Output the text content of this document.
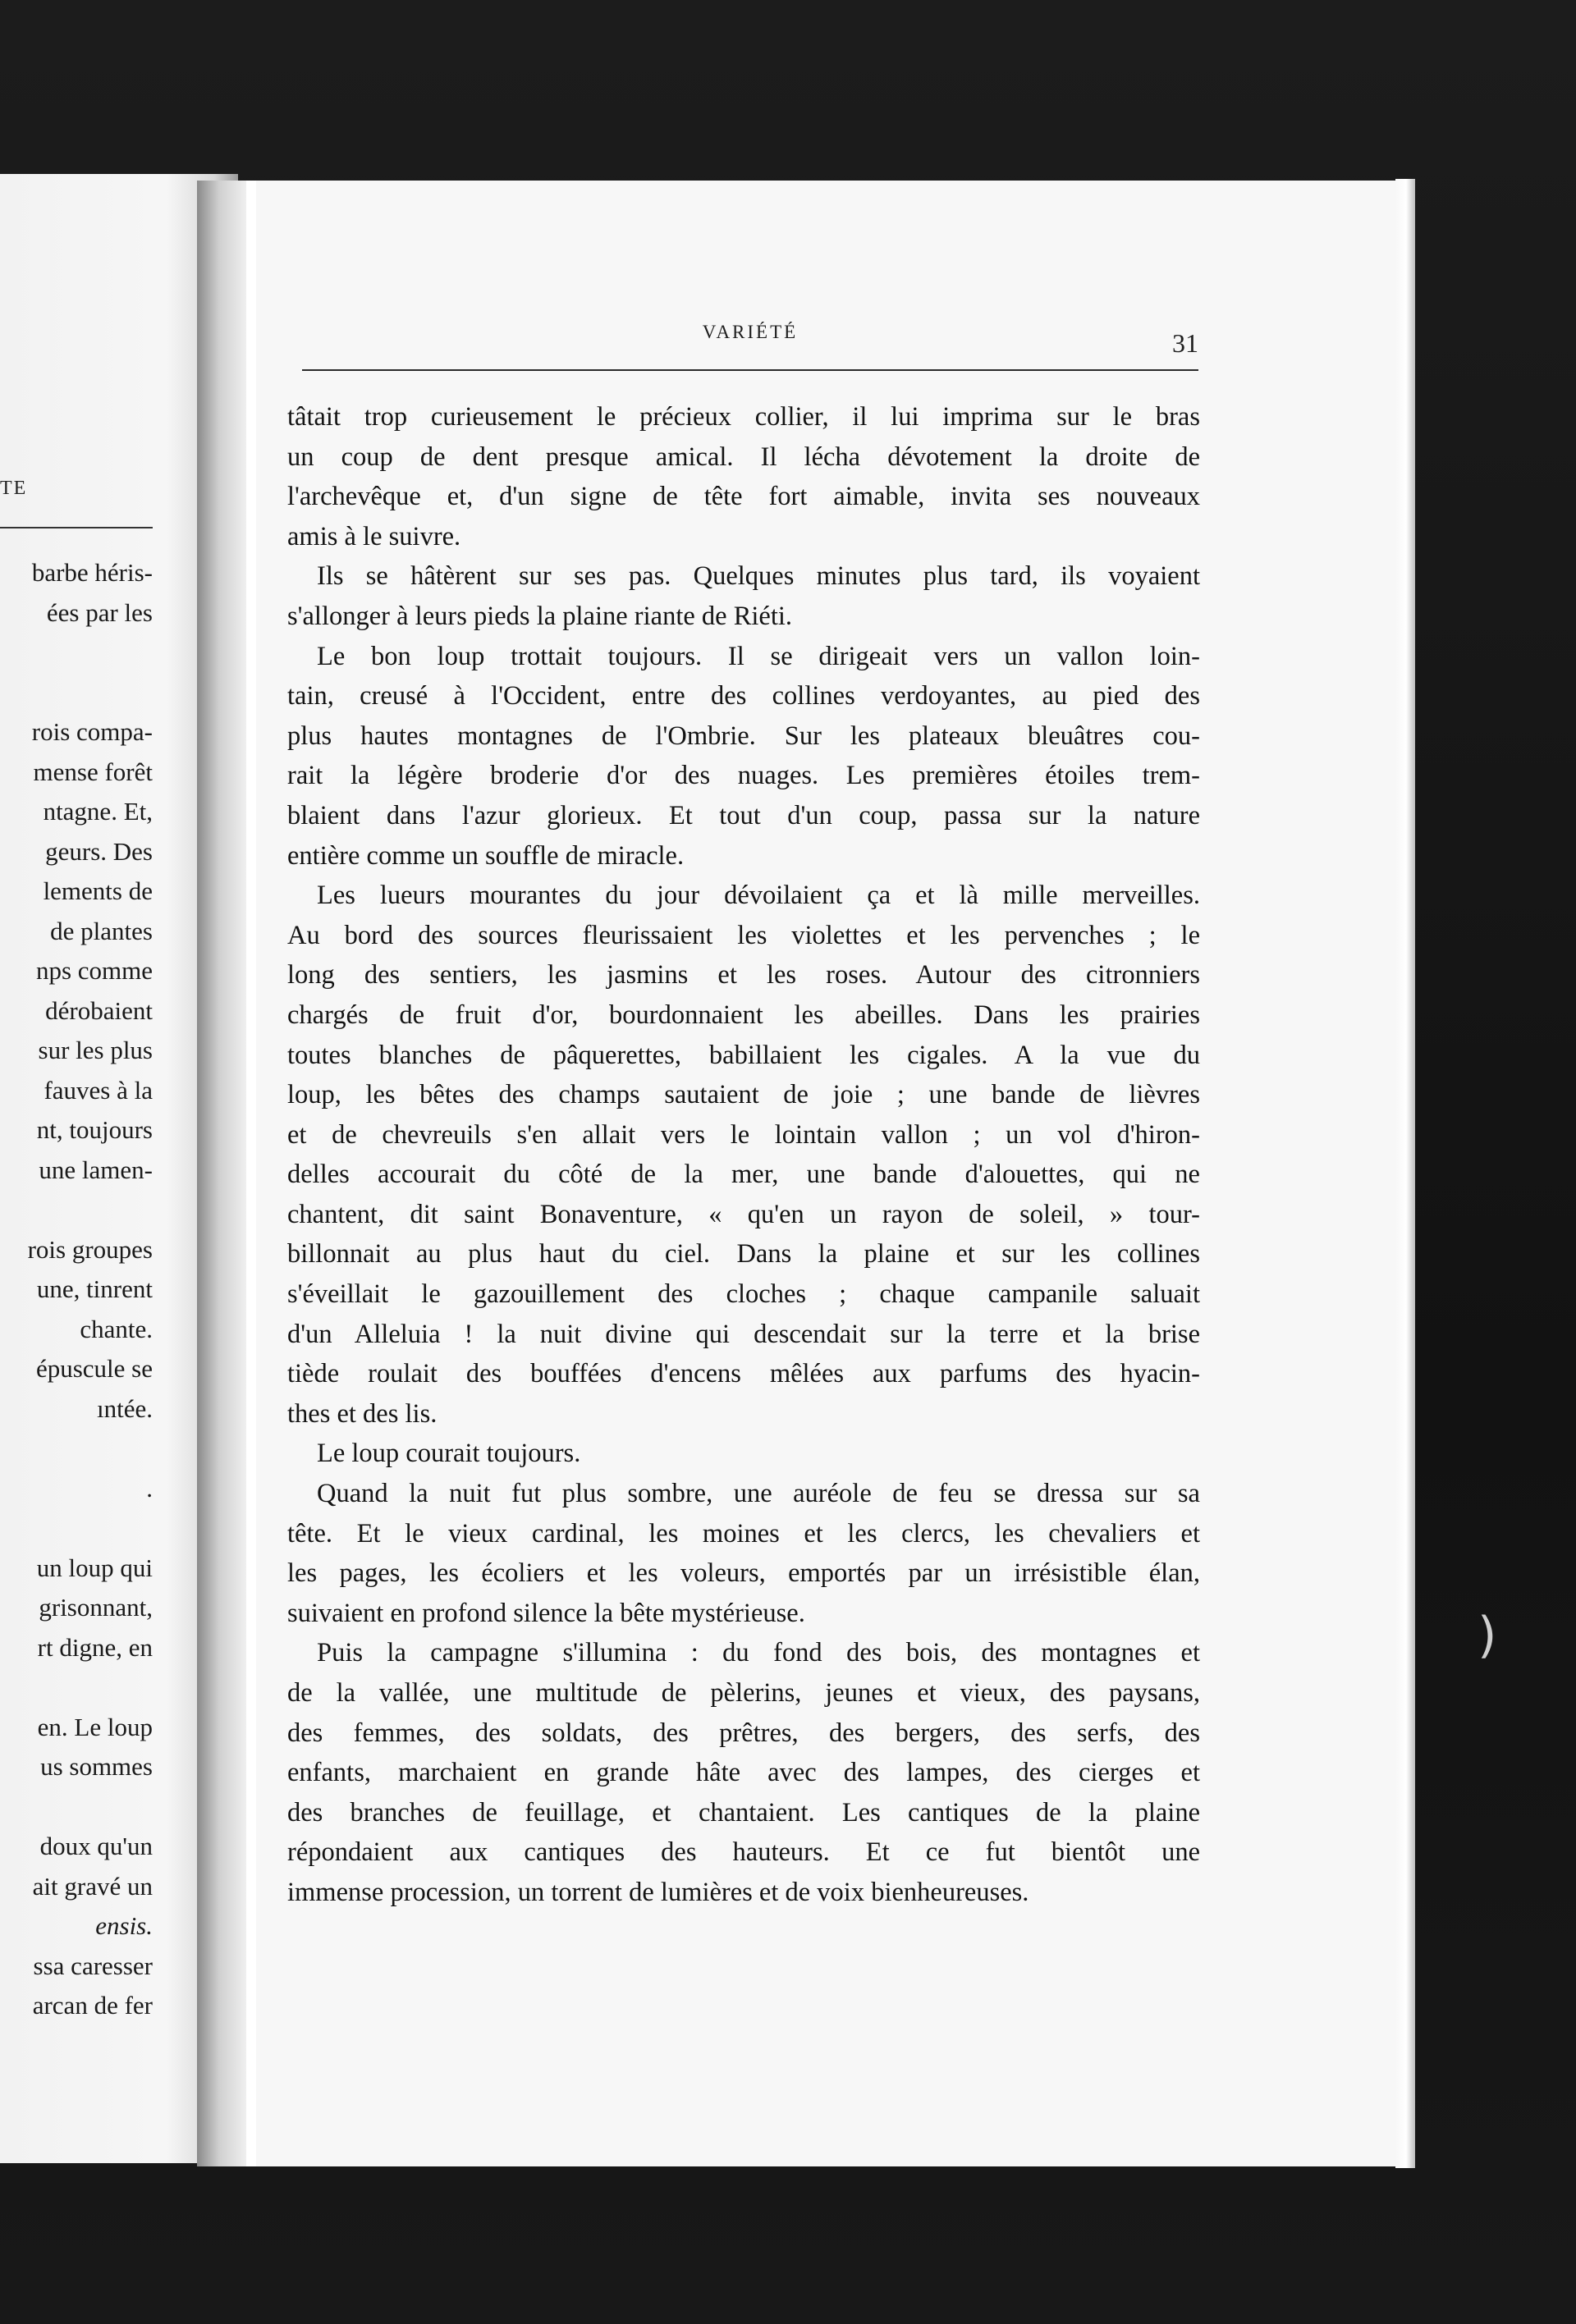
TE
barbe héris-
ées par les
rois compa-
mense forêt
ntagne. Et,
geurs. Des
lements de
de plantes
nps comme
dérobaient
sur les plus
fauves à la
nt, toujours
une lamen-
rois groupes
une, tinrent
chante.
épuscule se
ıntée.
.
un loup qui
grisonnant,
rt digne, en
en. Le loup
us sommes
doux qu'un
ait gravé un
ensis.
ssa caresser
arcan de fer
VARIÉTÉ	31
tâtait trop curieusement le précieux collier, il lui imprima sur le bras
un coup de dent presque amical. Il lécha dévotement la droite de
l'archevêque et, d'un signe de tête fort aimable, invita ses nouveaux
amis à le suivre.
Ils se hâtèrent sur ses pas. Quelques minutes plus tard, ils voyaient
s'allonger à leurs pieds la plaine riante de Riéti.
Le bon loup trottait toujours. Il se dirigeait vers un vallon loin-
tain, creusé à l'Occident, entre des collines verdoyantes, au pied des
plus hautes montagnes de l'Ombrie. Sur les plateaux bleuâtres cou-
rait la légère broderie d'or des nuages. Les premières étoiles trem-
blaient dans l'azur glorieux. Et tout d'un coup, passa sur la nature
entière comme un souffle de miracle.
Les lueurs mourantes du jour dévoilaient ça et là mille merveilles.
Au bord des sources fleurissaient les violettes et les pervenches ; le
long des sentiers, les jasmins et les roses. Autour des citronniers
chargés de fruit d'or, bourdonnaient les abeilles. Dans les prairies
toutes blanches de pâquerettes, babillaient les cigales. A la vue du
loup, les bêtes des champs sautaient de joie ; une bande de lièvres
et de chevreuils s'en allait vers le lointain vallon ; un vol d'hiron-
delles accourait du côté de la mer, une bande d'alouettes, qui ne
chantent, dit saint Bonaventure, « qu'en un rayon de soleil, » tour-
billonnait au plus haut du ciel. Dans la plaine et sur les collines
s'éveillait le gazouillement des cloches ; chaque campanile saluait
d'un Alleluia ! la nuit divine qui descendait sur la terre et la brise
tiède roulait des bouffées d'encens mêlées aux parfums des hyacin-
thes et des lis.
Le loup courait toujours.
Quand la nuit fut plus sombre, une auréole de feu se dressa sur sa
tête. Et le vieux cardinal, les moines et les clercs, les chevaliers et
les pages, les écoliers et les voleurs, emportés par un irrésistible élan,
suivaient en profond silence la bête mystérieuse.
Puis la campagne s'illumina : du fond des bois, des montagnes et
de la vallée, une multitude de pèlerins, jeunes et vieux, des paysans,
des femmes, des soldats, des prêtres, des bergers, des serfs, des
enfants, marchaient en grande hâte avec des lampes, des cierges et
des branches de feuillage, et chantaient. Les cantiques de la plaine
répondaient aux cantiques des hauteurs. Et ce fut bientôt une
immense procession, un torrent de lumières et de voix bienheureuses.
)
